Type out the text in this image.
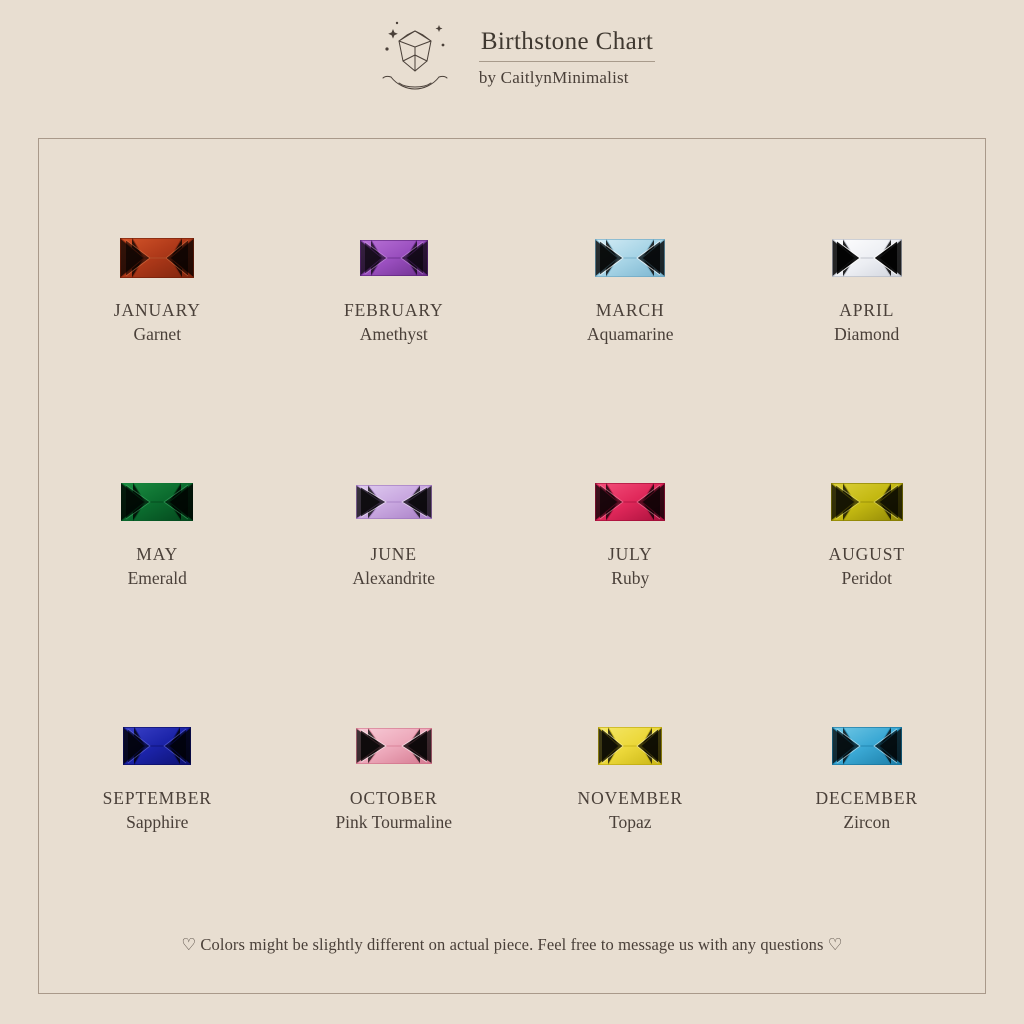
Birthstone Chart
by CaitlynMinimalist
JANUARY
Garnet
FEBRUARY
Amethyst
MARCH
Aquamarine
APRIL
Diamond
MAY
Emerald
JUNE
Alexandrite
JULY
Ruby
AUGUST
Peridot
SEPTEMBER
Sapphire
OCTOBER
Pink Tourmaline
NOVEMBER
Topaz
DECEMBER
Zircon
♡ Colors might be slightly different on actual piece. Feel free to message us with any questions ♡
